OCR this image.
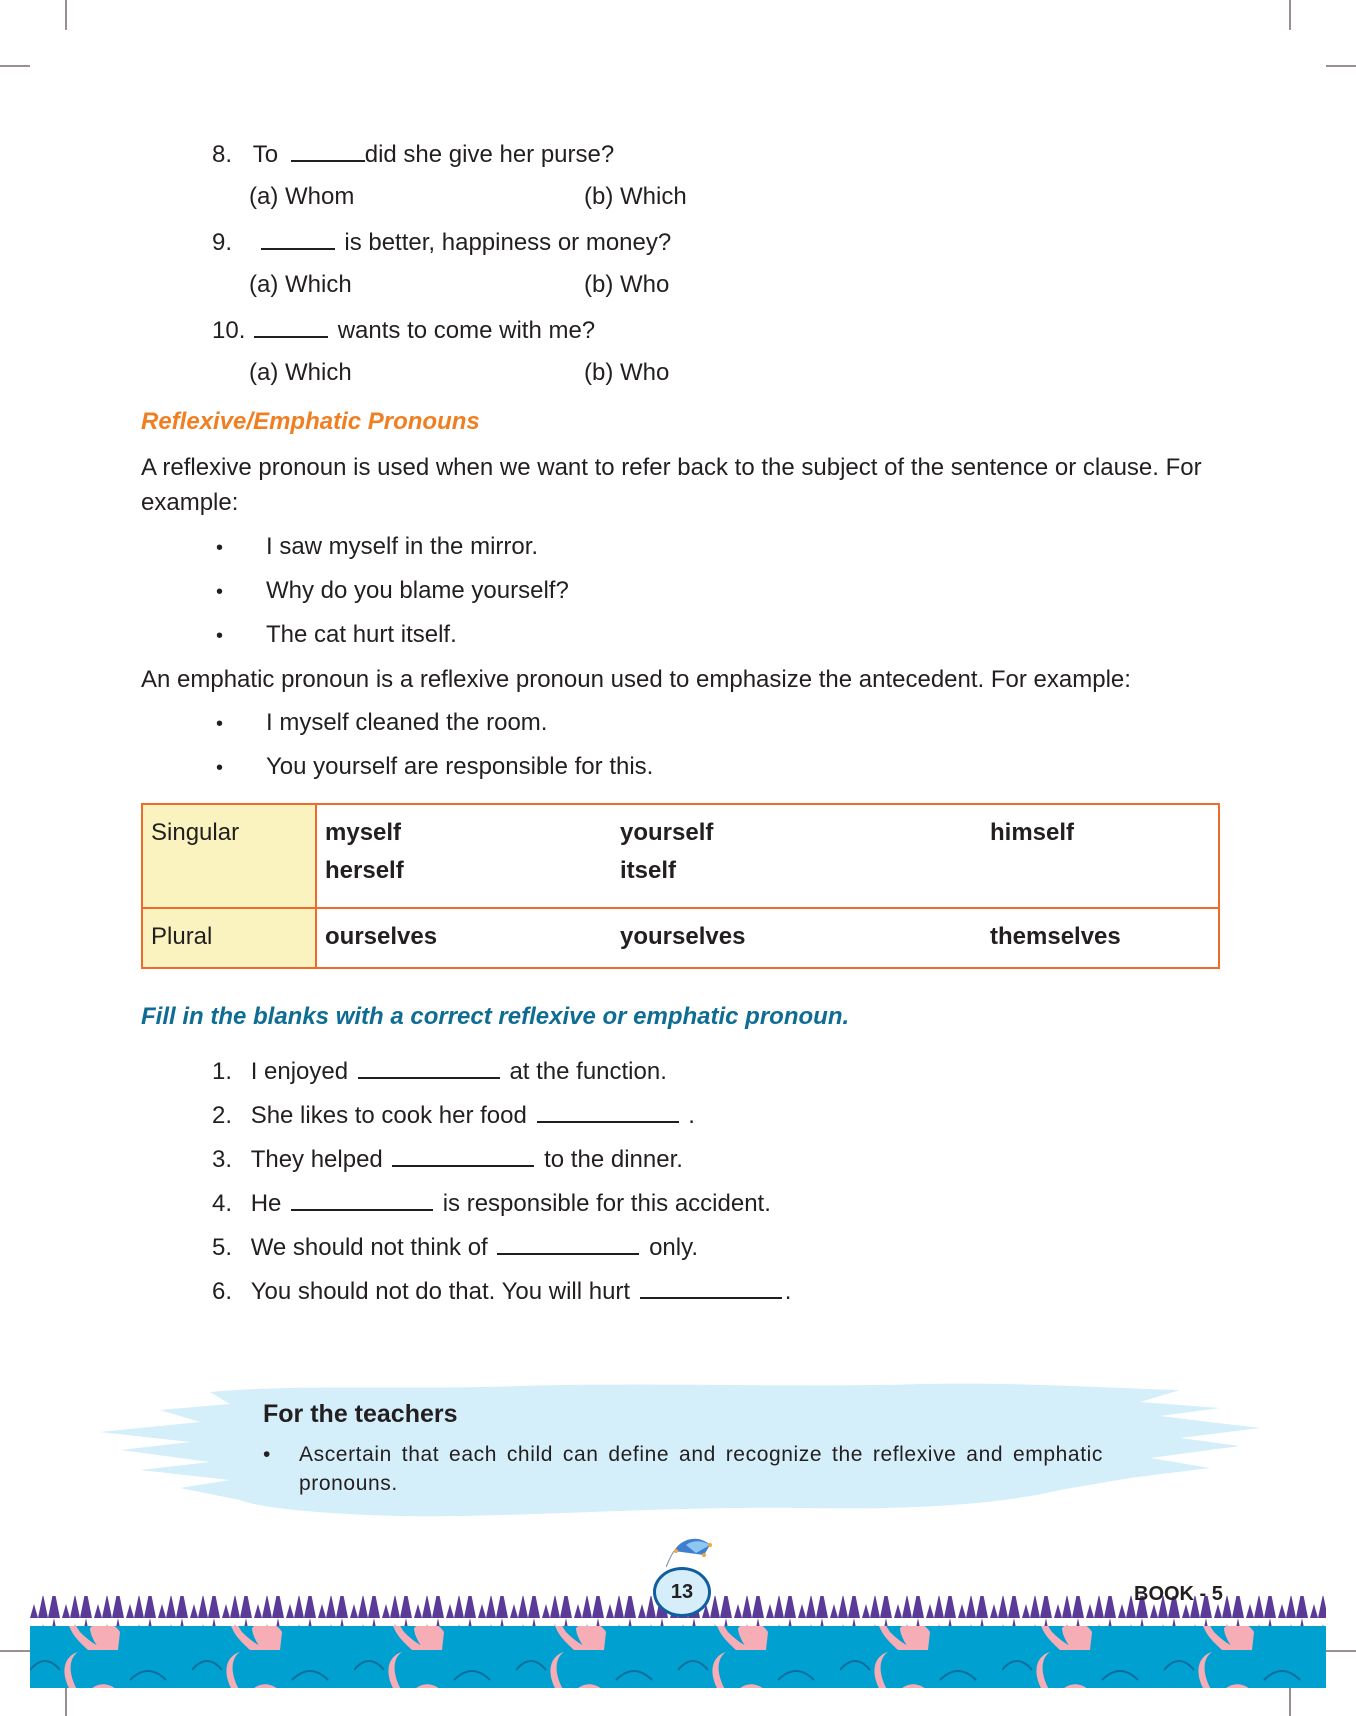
8. To	did she give her purse?
(a) Whom	(b) Which
9.	is better, happiness or money?
(a) Which	(b) Who
10.	wants to come with me?
(a) Which	(b) Who
Reflexive/Emphatic Pronouns
A reflexive pronoun is used when we want to refer back to the subject of the sentence or clause. For example:
• I saw myself in the mirror.
• Why do you blame yourself?
• The cat hurt itself.
An emphatic pronoun is a reflexive pronoun used to emphasize the antecedent. For example:
• I myself cleaned the room.
• You yourself are responsible for this.
Singular	myself yourself himself
herself itself

Plural	ourselves yourselves themselves
Fill in the blanks with a correct reflexive or emphatic pronoun.
1. I enjoyed	at the function.
2. She likes to cook her food	.
3. They helped	to the dinner.
4. He	is responsible for this accident.
5. We should not think of	only.
6. You should not do that. You will hurt	.
For the teachers
• Ascertain that each child can define and recognize the reflexive and emphatic pronouns.
13	BOOK - 5
